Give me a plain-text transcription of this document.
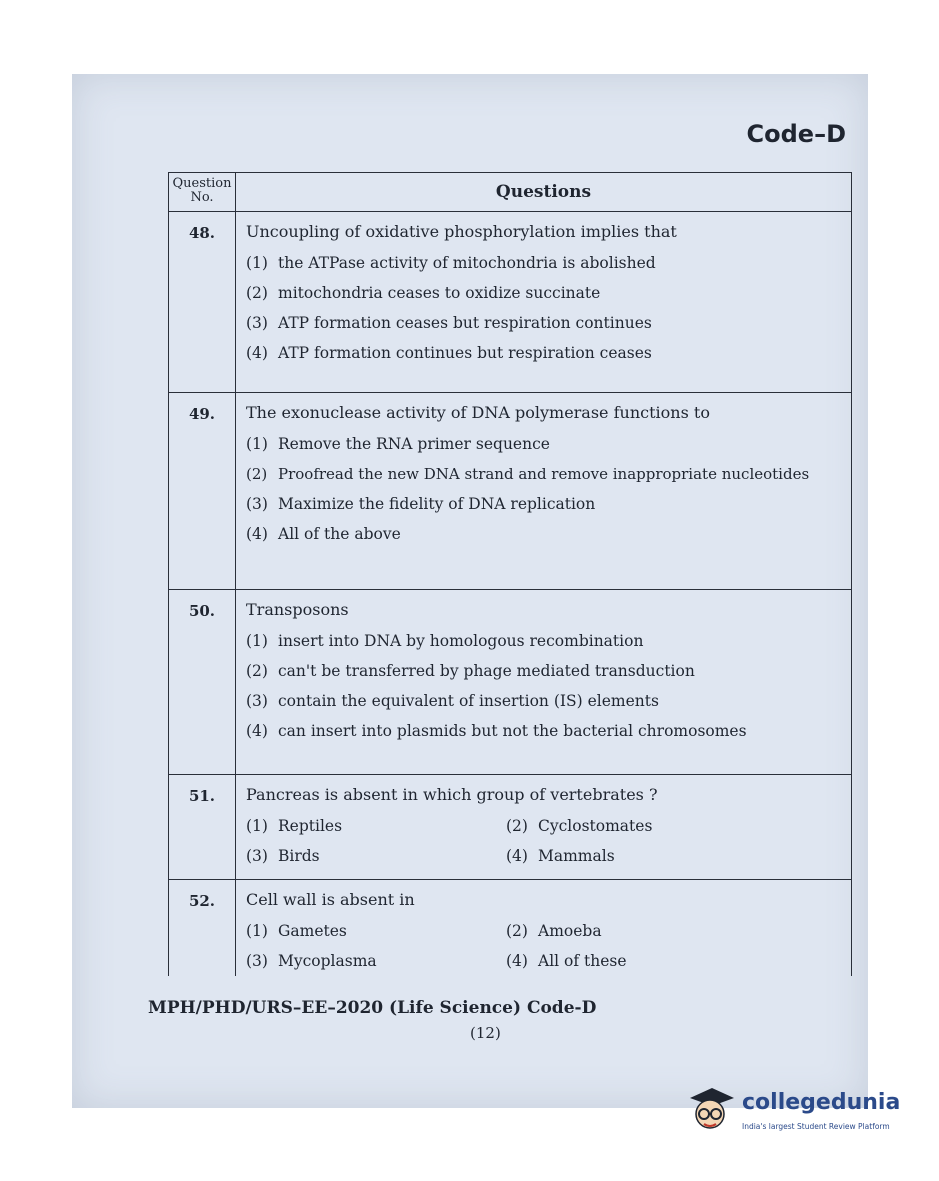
Code–D
Question No.	Questions
48.	Uncoupling of oxidative phosphorylation implies that
(1) the ATPase activity of mitochondria is abolished
(2) mitochondria ceases to oxidize succinate
(3) ATP formation ceases but respiration continues
(4) ATP formation continues but respiration ceases
49.	The exonuclease activity of DNA polymerase functions to
(1) Remove the RNA primer sequence
(2) Proofread the new DNA strand and remove inappropriate nucleotides
(3) Maximize the fidelity of DNA replication
(4) All of the above
50.	Transposons
(1) insert into DNA by homologous recombination
(2) can't be transferred by phage mediated transduction
(3) contain the equivalent of insertion (IS) elements
(4) can insert into plasmids but not the bacterial chromosomes
51.	Pancreas is absent in which group of vertebrates ?
(1) Reptiles	(2) Cyclostomates
(3) Birds	(4) Mammals
52.	Cell wall is absent in
(1) Gametes	(2) Amoeba
(3) Mycoplasma	(4) All of these
MPH/PHD/URS–EE–2020 (Life Science) Code-D
(12)
collegedunia
India's largest Student Review Platform
